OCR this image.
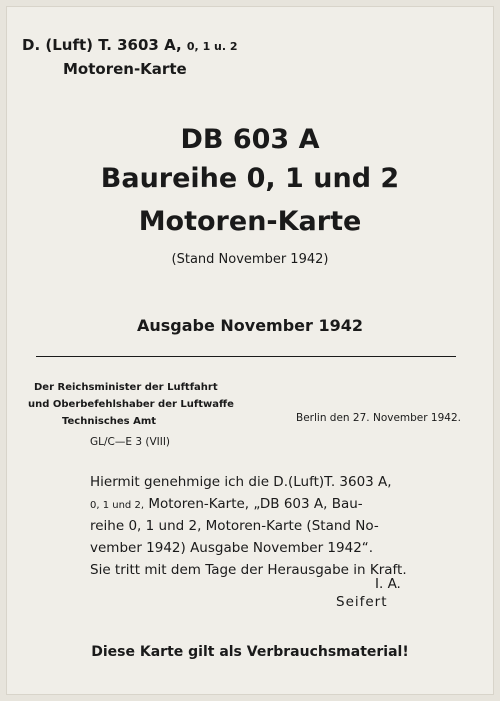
D. (Luft) T. 3603 A, 0, 1 u. 2
Motoren-Karte
DB 603 A
Baureihe 0, 1 und 2
Motoren-Karte
(Stand November 1942)
Ausgabe November 1942
Der Reichsminister der Luftfahrt
und Oberbefehlshaber der Luftwaffe
Technisches Amt	Berlin den 27. November 1942.
GL/C—E 3 (VIII)
Hiermit genehmige ich die D.(Luft)T. 3603 A,
0, 1 und 2, Motoren-Karte, „DB 603 A, Bau-
reihe 0, 1 und 2, Motoren-Karte (Stand No-
vember 1942) Ausgabe November 1942“.
Sie tritt mit dem Tage der Herausgabe in Kraft.
I. A.
Seifert
Diese Karte gilt als Verbrauchsmaterial!
